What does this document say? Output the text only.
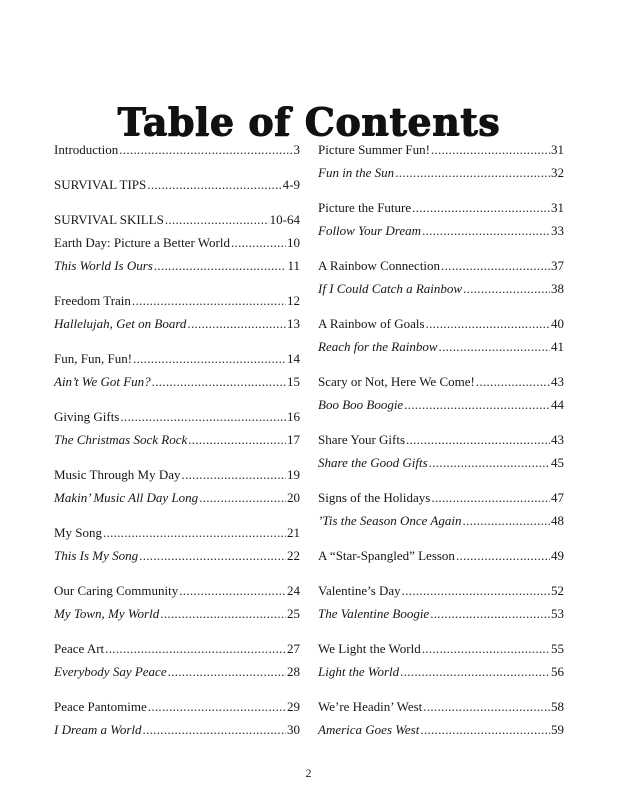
Table of Contents
Introduction .....	3
SURVIVAL TIPS .....	4-9
SURVIVAL SKILLS .....	10-64
Earth Day: Picture a Better World .....	10
This World Is Ours .....	11
Freedom Train .....	12
Hallelujah, Get on Board .....	13
Fun, Fun, Fun! .....	14
Ain’t We Got Fun? .....	15
Giving Gifts .....	16
The Christmas Sock Rock .....	17
Music Through My Day .....	19
Makin’ Music All Day Long .....	20
My Song .....	21
This Is My Song .....	22
Our Caring Community .....	24
My Town, My World .....	25
Peace Art .....	27
Everybody Say Peace .....	28
Peace Pantomime .....	29
I Dream a World .....	30
Picture Summer Fun! .....	31
Fun in the Sun .....	32
Picture the Future .....	31
Follow Your Dream .....	33
A Rainbow Connection .....	37
If I Could Catch a Rainbow .....	38
A Rainbow of Goals .....	40
Reach for the Rainbow .....	41
Scary or Not, Here We Come! .....	43
Boo Boo Boogie .....	44
Share Your Gifts .....	43
Share the Good Gifts .....	45
Signs of the Holidays .....	47
’Tis the Season Once Again .....	48
A “Star-Spangled” Lesson .....	49
Valentine’s Day .....	52
The Valentine Boogie .....	53
We Light the World .....	55
Light the World .....	56
We’re Headin’ West .....	58
America Goes West .....	59
2
